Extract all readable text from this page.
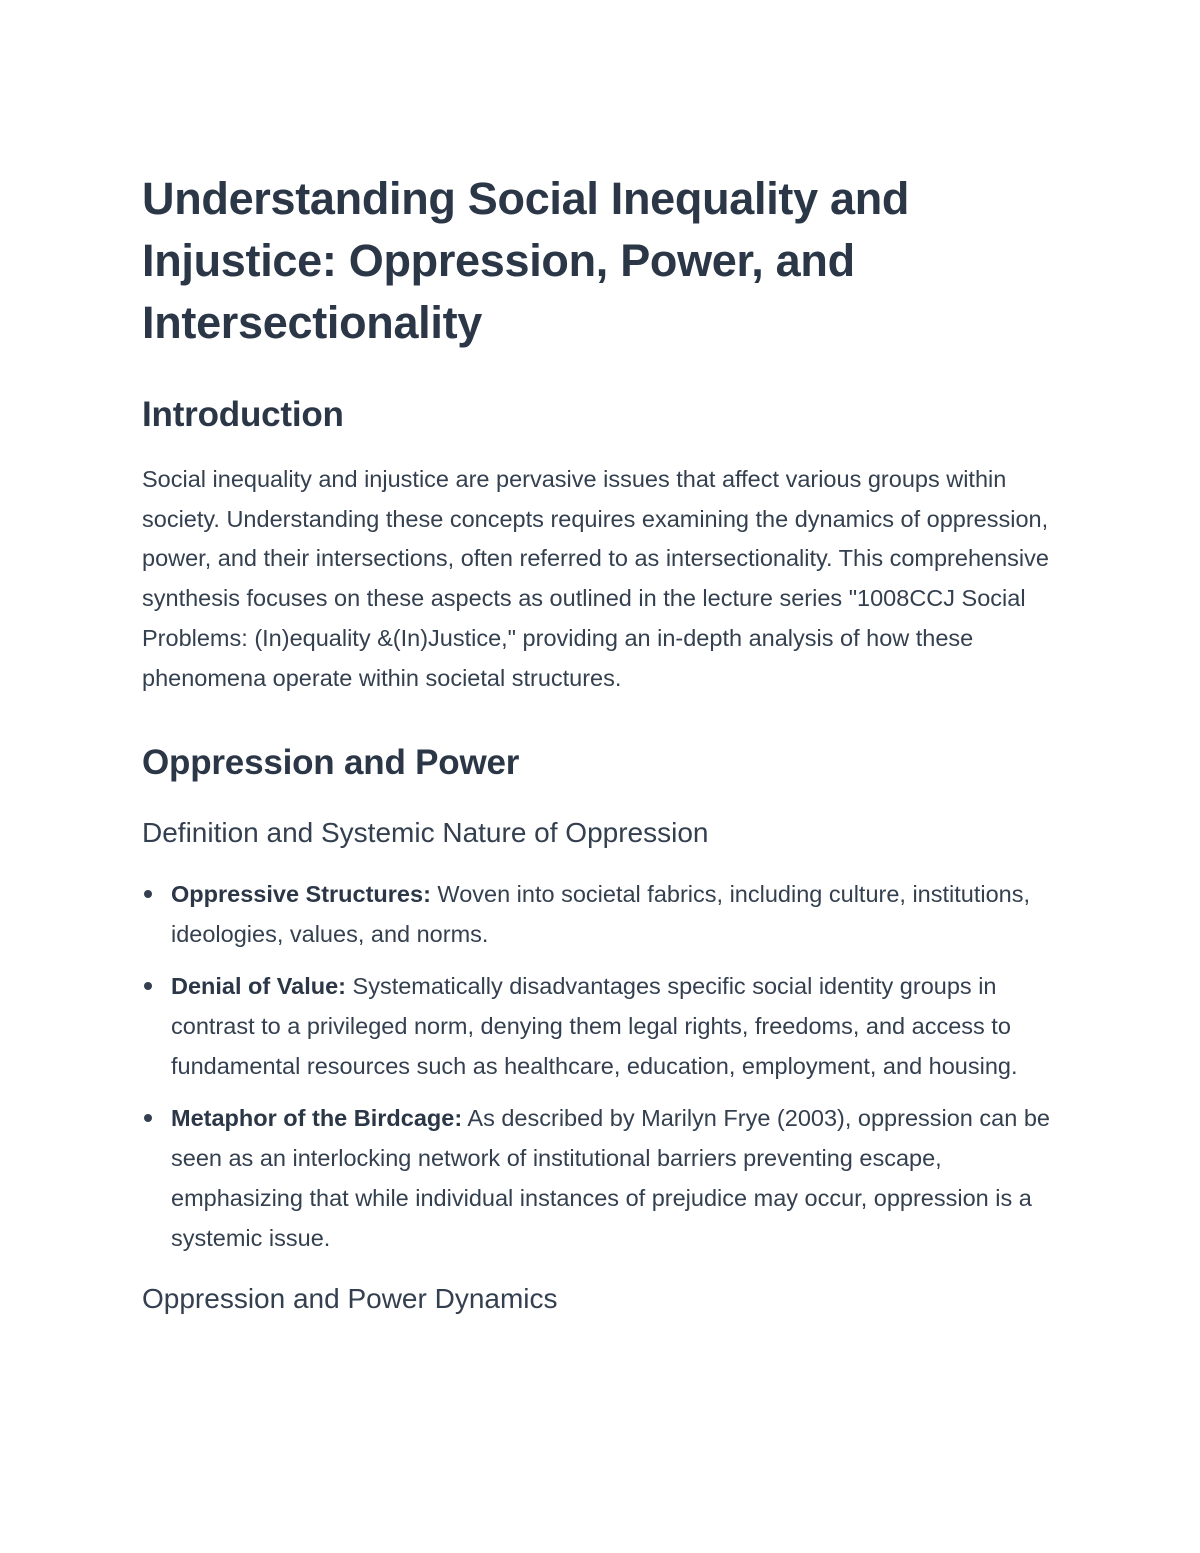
Understanding Social Inequality and Injustice: Oppression, Power, and Intersectionality
Introduction

Social inequality and injustice are pervasive issues that affect various groups within society. Understanding these concepts requires examining the dynamics of oppression, power, and their intersections, often referred to as intersectionality. This comprehensive synthesis focuses on these aspects as outlined in the lecture series "1008CCJ Social Problems: (In)equality &(In)Justice," providing an in-depth analysis of how these phenomena operate within societal structures.

Oppression and Power
Definition and Systemic Nature of Oppression
Oppressive Structures: Woven into societal fabrics, including culture, institutions, ideologies, values, and norms.
Denial of Value: Systematically disadvantages specific social identity groups in contrast to a privileged norm, denying them legal rights, freedoms, and access to fundamental resources such as healthcare, education, employment, and housing.
Metaphor of the Birdcage: As described by Marilyn Frye (2003), oppression can be seen as an interlocking network of institutional barriers preventing escape, emphasizing that while individual instances of prejudice may occur, oppression is a systemic issue.
Oppression and Power Dynamics
